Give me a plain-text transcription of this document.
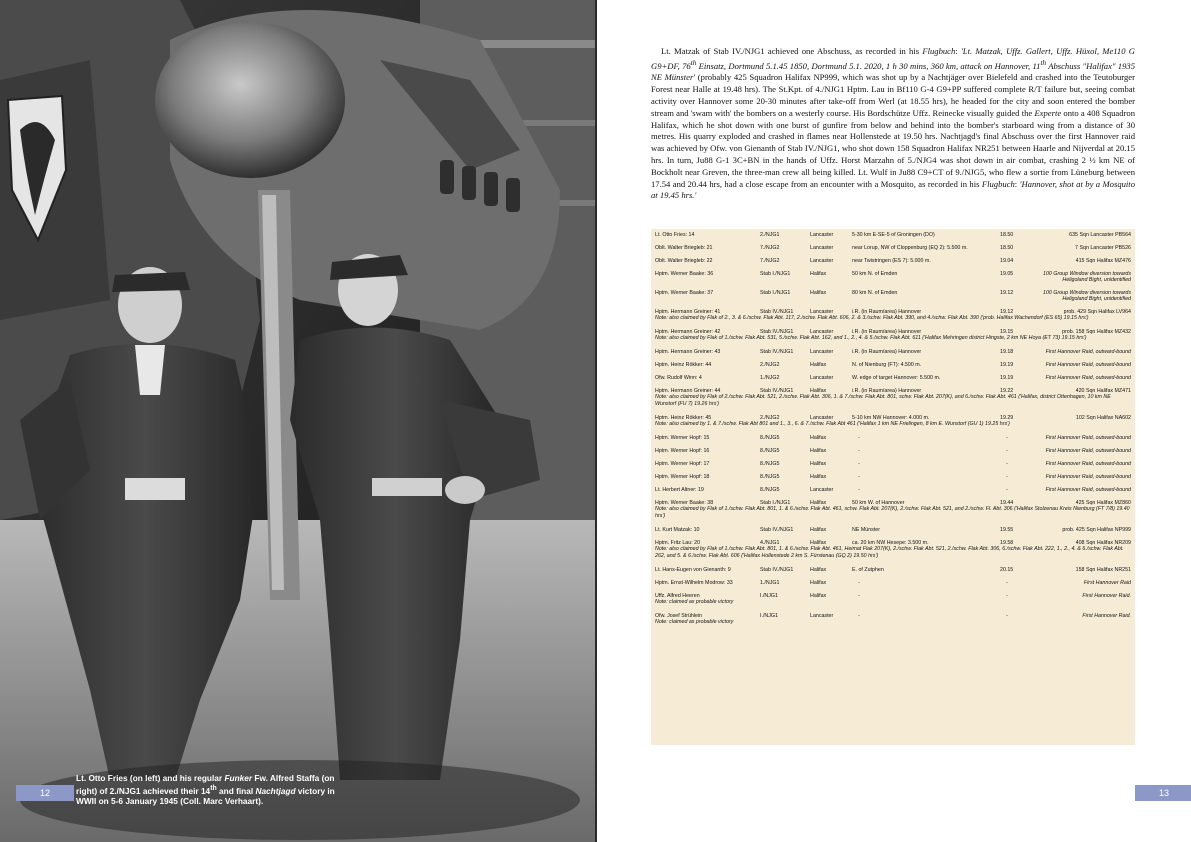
Lt. Otto Fries (on left) and his regular Funker Fw. Alfred Staffa (on right) of 2./NJG1 achieved their 14th and final Nachtjagd victory in WWII on 5-6 January 1945 (Coll. Marc Verhaart).
12

Lt. Matzak of Stab IV./NJG1 achieved one Abschuss, as recorded in his Flugbuch: 'Lt. Matzak, Uffz. Gallert, Uffz. Hüxol, Me110 G G9+DF, 76th Einsatz, Dortmund 5.1.45 1850, Dortmund 5.1. 2020, 1 h 30 mins, 360 km, attack on Hannover, 11th Abschuss "Halifax" 1935 NE Münster' (probably 425 Squadron Halifax NP999, which was shot up by a Nachtjäger over Bielefeld and crashed into the Teutoburger Forest near Halle at 19.48 hrs). The St.Kpt. of 4./NJG1 Hptm. Lau in Bf110 G-4 G9+PP suffered complete R/T failure but, seeing combat activity over Hannover some 20-30 minutes after take-off from Werl (at 18.55 hrs), he headed for the city and soon entered the bomber stream and 'swam with' the bombers on a westerly course. His Bordschütze Uffz. Reinecke visually guided the Experte onto a 408 Squadron Halifax, which he shot down with one burst of gunfire from below and behind into the bomber's starboard wing from a distance of 30 metres. His quarry exploded and crashed in flames near Hollenstede at 19.50 hrs. Nachtjagd's final Abschuss over the first Hannover raid was achieved by Ofw. von Gienanth of Stab IV./NJG1, who shot down 158 Squadron Halifax NR251 between Haarle and Nijverdal at 20.15 hrs. In turn, Ju88 G-1 3C+BN in the hands of Uffz. Horst Marzahn of 5./NJG4 was shot down in air combat, crashing 2 ½ km NE of Bockholt near Greven, the three-man crew all being killed. Lt. Wulf in Ju88 C9+CT of 9./NJG5, who flew a sortie from Lüneburg between 17.54 and 20.44 hrs, had a close escape from an encounter with a Mosquito, as recorded in his Flugbuch: 'Hannover, shot at by a Mosquito at 19.45 hrs.'

Lt. Otto Fries: 14	2./NJG1	Lancaster	5-30 km E-SE-5 of Groningen (DO)	18.50	635 Sqn Lancaster PB564

Oblt. Walter Briegleb: 21	7./NJG2	Lancaster	near Lorup, NW of Cloppenburg (EQ 2): 5.500 m.	18.50	7 Sqn Lancaster PB526

Oblt. Walter Briegleb: 22	7./NJG2	Lancaster	near Twistringen (ES 7): 5.000 m.	19.04	415 Sqn Halifax MZ476

Hptm. Werner Baake: 36	Stab I./NJG1	Halifax	50 km N. of Emden	19.05	100 Group Window diversion towards Heligoland Bight, unidentified

Hptm. Werner Baake: 37	Stab I./NJG1	Halifax	80 km N. of Emden	19.12	100 Group Window diversion towards Heligoland Bight, unidentified

Hptm. Hermann Greiner: 41	Stab IV./NJG1	Lancaster	i.R. (in Raum/area) Hannover	19.12	prob. 429 Sqn Halifax LV964
Note: also claimed by Flak of 2., 3. & 6./schw. Flak Abt. 117, 2./schw. Flak Abt. 606, 2. & 3./schw. Flak Abt. 390, and 4./schw. Flak Abt. 390 ('prob. Halifax Wachendorf (ES 65) 19.15 hrs')					

Hptm. Hermann Greiner: 42	Stab IV./NJG1	Lancaster	i.R. (in Raum/area) Hannover	19.15	prob. 158 Sqn Halifax MZ432
Note: also claimed by Flak of 1./schw. Flak Abt. 531, 5./schw. Flak Abt. 162, and 1., 2., 4. & 5./schw. Flak Abt. 611 ('Halifax Mehringen district Hingste, 2 km NE Hoya (ET 73) 19.15 hrs')					

Hptm. Hermann Greiner: 43	Stab IV./NJG1	Lancaster	i.R. (in Raum/area) Hannover	19.18	First Hannover Raid, outward-bound

Hptm. Heinz Rökker: 44	2./NJG2	Halifax	N. of Nienburg (FT): 4.500 m.	19.19	First Hannover Raid, outward-bound

Ofw. Rudolf Winn: 4	1./NJG2	Lancaster	W. edge of target Hannover: 5.500 m.	19.19	First Hannover Raid, outward-bound

Hptm. Hermann Greiner: 44	Stab IV./NJG1	Halifax	i.R. (in Raum/area) Hannover	19.22	420 Sqn Halifax MZ471
Note: also claimed by Flak of 2./schw. Flak Abt. 521, 2./schw. Flak Abt. 306, 1. & 7./schw. Flak Abt. 801, schw. Flak Abt. 207(K), and 6./schw. Flak Abt. 461 ('Halifax, district Ottenhagen, 10 km NE Wunstorf (FU 7) 19.26 hrs')					

Hptm. Heinz Rökker: 45	2./NJG2	Lancaster	5-10 km NW Hannover: 4.000 m.	19.29	102 Sqn Halifax NA602
Note: also claimed by 1. & 7./schw. Flak Abt 801 and 1., 3., 6. & 7./schw. Flak Abt 461 ('Halifax 1 km NE Frielingen, 8 km E. Wunstorf (GU 1) 19.25 hrs')					

Hptm. Werner Hopf: 15	8./NJG5	Halifax	-	-	First Hannover Raid, outward-bound

Hptm. Werner Hopf: 16	8./NJG5	Halifax	-	-	First Hannover Raid, outward-bound

Hptm. Werner Hopf: 17	8./NJG5	Halifax	-	-	First Hannover Raid, outward-bound

Hptm. Werner Hopf: 18	8./NJG5	Halifax	-	-	First Hannover Raid, outward-bound

Lt. Herbert Altner: 19	8./NJG5	Lancaster	-	-	First Hannover Raid, outward-bound

Hptm. Werner Baake: 38	Stab I./NJG1	Halifax	50 km W. of Hannover	19.44	425 Sqn Halifax MZ860
Note: also claimed by Flak of 1./schw. Flak Abt. 801, 1. & 6./schw. Flak Abt. 461, schw. Flak Abt. 207(K), 2./schw. Flak Abt. 521, and 2./schw. Fl. Abt. 306 ('Halifax Stolzenau Kreis Nienburg (FT 7/8) 19.40 hrs')					

Lt. Kurt Matzak: 10	Stab IV./NJG1	Halifax	NE Münster	19.55	prob. 425 Sqn Halifax NP999

Hptm. Fritz Lau: 20	4./NJG1	Halifax	ca. 20 km NW Hesepe: 3.500 m.	19.58	408 Sqn Halifax NR209
Note: also claimed by Flak of 1./schw. Flak Abt. 801, 1. & 6./schw. Flak Abt. 461, Heimat Flak 207(K), 2./schw. Flak Abt. 521, 2./schw. Flak Abt. 306, 6./schw. Flak Abt. 222, 1., 2., 4. & 6./schw. Flak Abt. 262, and 5. & 6./schw. Flak Abt. 606 ('Halifax Hollenstede 2 km S. Fürstenau (GQ 2) 19.50 hrs')					

Lt. Hans-Eugen von Gienanth: 9	Stab IV./NJG1	Halifax	E. of Zutphen	20.15	158 Sqn Halifax NR251

Hptm. Ernst-Wilhelm Modrow: 33	1./NJG1	Halifax	-	-	First Hannover Raid

Uffz. Alfred Heeren	I./NJG1	Halifax	-	-	First Hannover Raid.
Note: claimed as probable victory					

Ofw. Josef Strühlein	I./NJG1	Lancaster	-	-	First Hannover Raid.
Note: claimed as probable victory					

13
